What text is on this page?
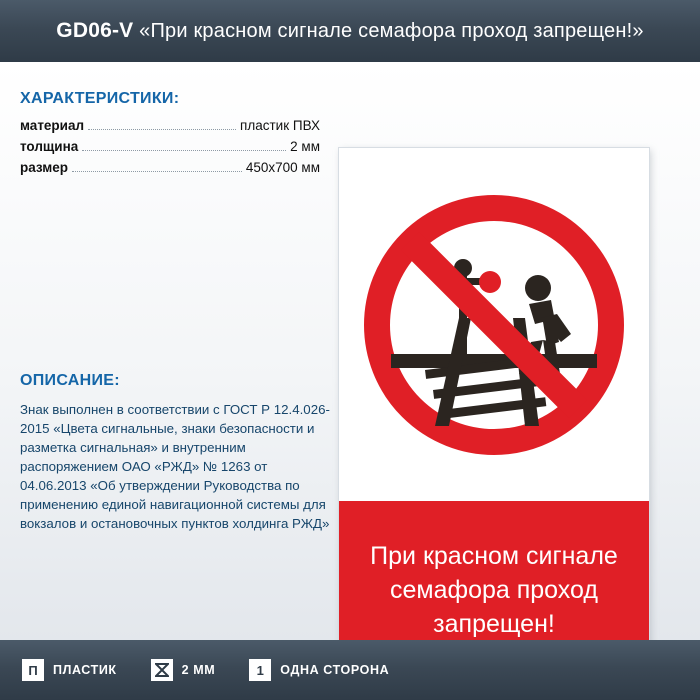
GD06-V «При красном сигнале семафора проход запрещен!»
ХАРАКТЕРИСТИКИ:
материал	пластик ПВХ
толщина	2 мм
размер	450x700 мм
ОПИСАНИЕ:
Знак выполнен в соответствии с ГОСТ Р 12.4.026-2015 «Цвета сигнальные, знаки безопасности и разметка сигнальная» и внутренним распоряжением ОАО «РЖД» № 1263 от 04.06.2013 «Об утверждении Руководства по применению единой навигационной системы для вокзалов и остановочных пунктов холдинга РЖД»
При красном сигнале семафора проход запрещен!
П	ПЛАСТИК	2 ММ	1	ОДНА СТОРОНА
